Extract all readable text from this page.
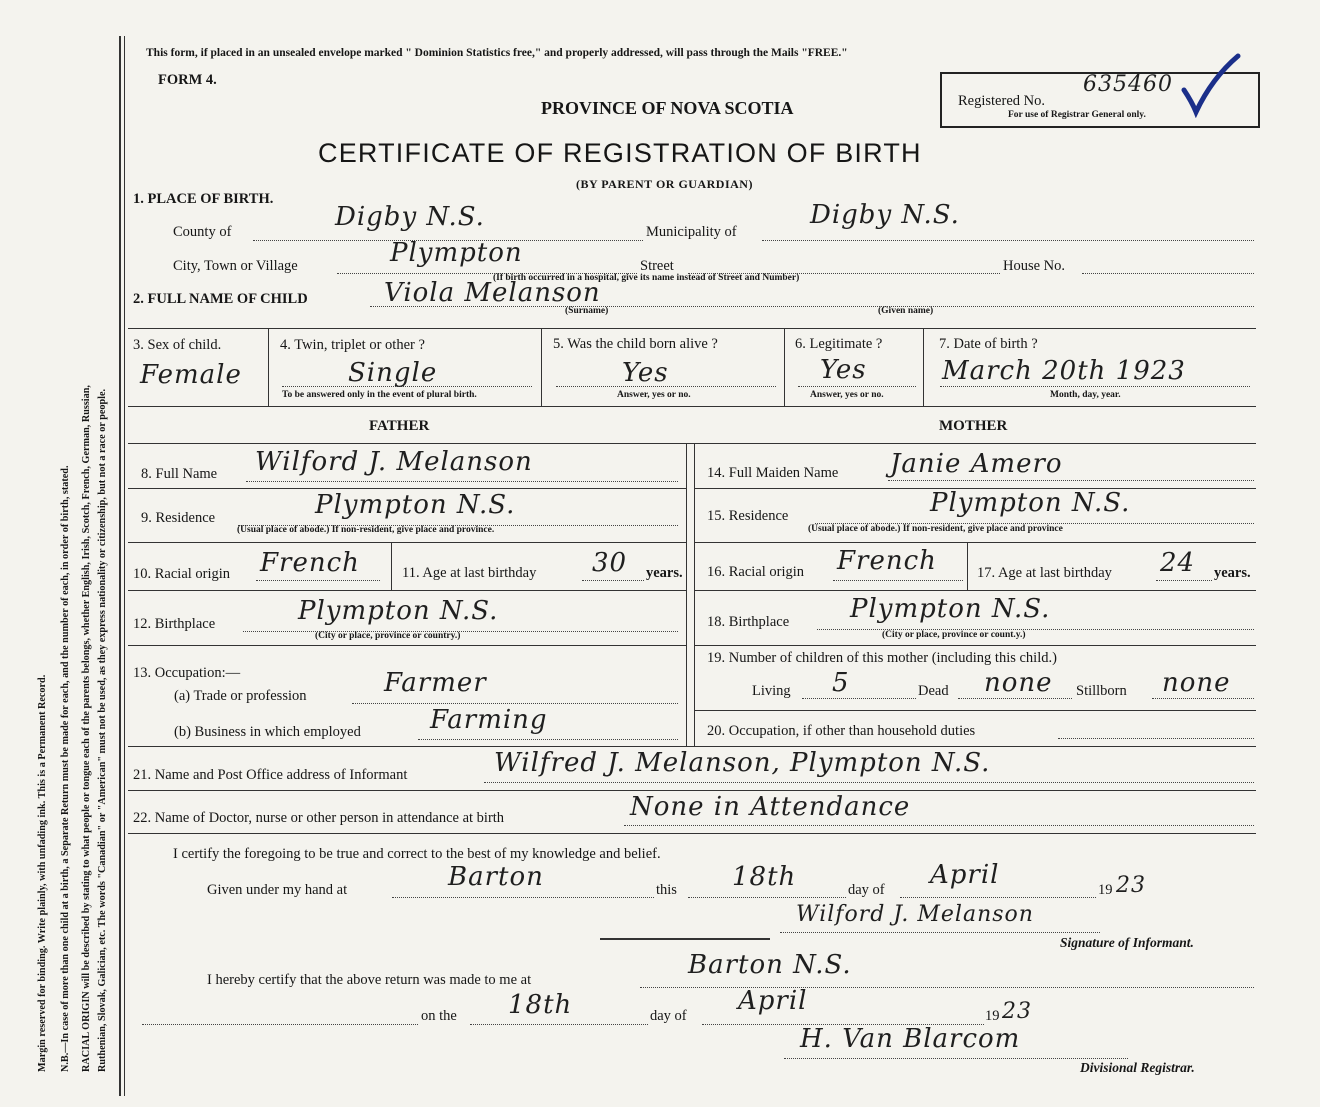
Margin reserved for binding. Write plainly, with unfading ink. This is a Permanent Record. N.B.—In case of more than one child at a birth, a Separate Return must be made for each, and the number of each, in order of birth, stated. RACIAL ORIGIN will be described by stating to what people or tongue each of the parents belongs, whether English, Irish, Scotch, French, German, Russian, Ruthenian, Slovak, Galician, etc. The words "Canadian" or "American" must not be used, as they express nationality or citizenship, but not a race or people.
This form, if placed in an unsealed envelope marked " Dominion Statistics free," and properly addressed, will pass through the Mails "FREE."
FORM 4.
PROVINCE OF NOVA SCOTIA
CERTIFICATE OF REGISTRATION OF BIRTH
(BY PARENT OR GUARDIAN)
Registered No.
635460
For use of Registrar General only.
1. PLACE OF BIRTH.
County of	Digby N.S.	Municipality of
Digby N.S.
City, Town or Village	Plympton	Street	House No.
(If birth occurred in a hospital, give its name instead of Street and Number)
2. FULL NAME OF CHILD	Viola Melanson
(Surname)	(Given name)
3. Sex of child.
Female
4. Twin, triplet or other ?
Single
To be answered only in the event of plural birth.
5. Was the child born alive ?
Yes
Answer, yes or no.
6. Legitimate ?
Yes
Answer, yes or no.
7. Date of birth ?
March 20th 1923
Month, day, year.
FATHER	MOTHER
8. Full Name Wilford J. Melanson
9. Residence	Plympton N.S.
(Usual place of abode.) If non-resident, give place and province.
10. Racial origin French	11. Age at last birthday 30 years.
12. Birthplace	Plympton N.S.
(City or place, province or country.)
13. Occupation:—
(a) Trade or profession	Farmer
(b) Business in which employed	Farming
14. Full Maiden Name Janie Amero
15. Residence	Plympton N.S.
(Usual place of abode.) If non-resident, give place and province
16. Racial origin French	17. Age at last birthday 24 years.
18. Birthplace Plympton N.S.
(City or place, province or count.y.)
19. Number of children of this mother (including this child.)
Living 5	Dead none Stillborn none
20. Occupation, if other than household duties
21. Name and Post Office address of Informant	Wilfred J. Melanson, Plympton N.S.
22. Name of Doctor, nurse or other person in attendance at birth	None in Attendance
I certify the foregoing to be true and correct to the best of my knowledge and belief.
Given under my hand at	Barton	this 18th	day of April	19 23
Wilford J. Melanson
Signature of Informant.
I hereby certify that the above return was made to me at	Barton N.S.
on the 18th	day of April	19 23
H. Van Blarcom
Divisional Registrar.
